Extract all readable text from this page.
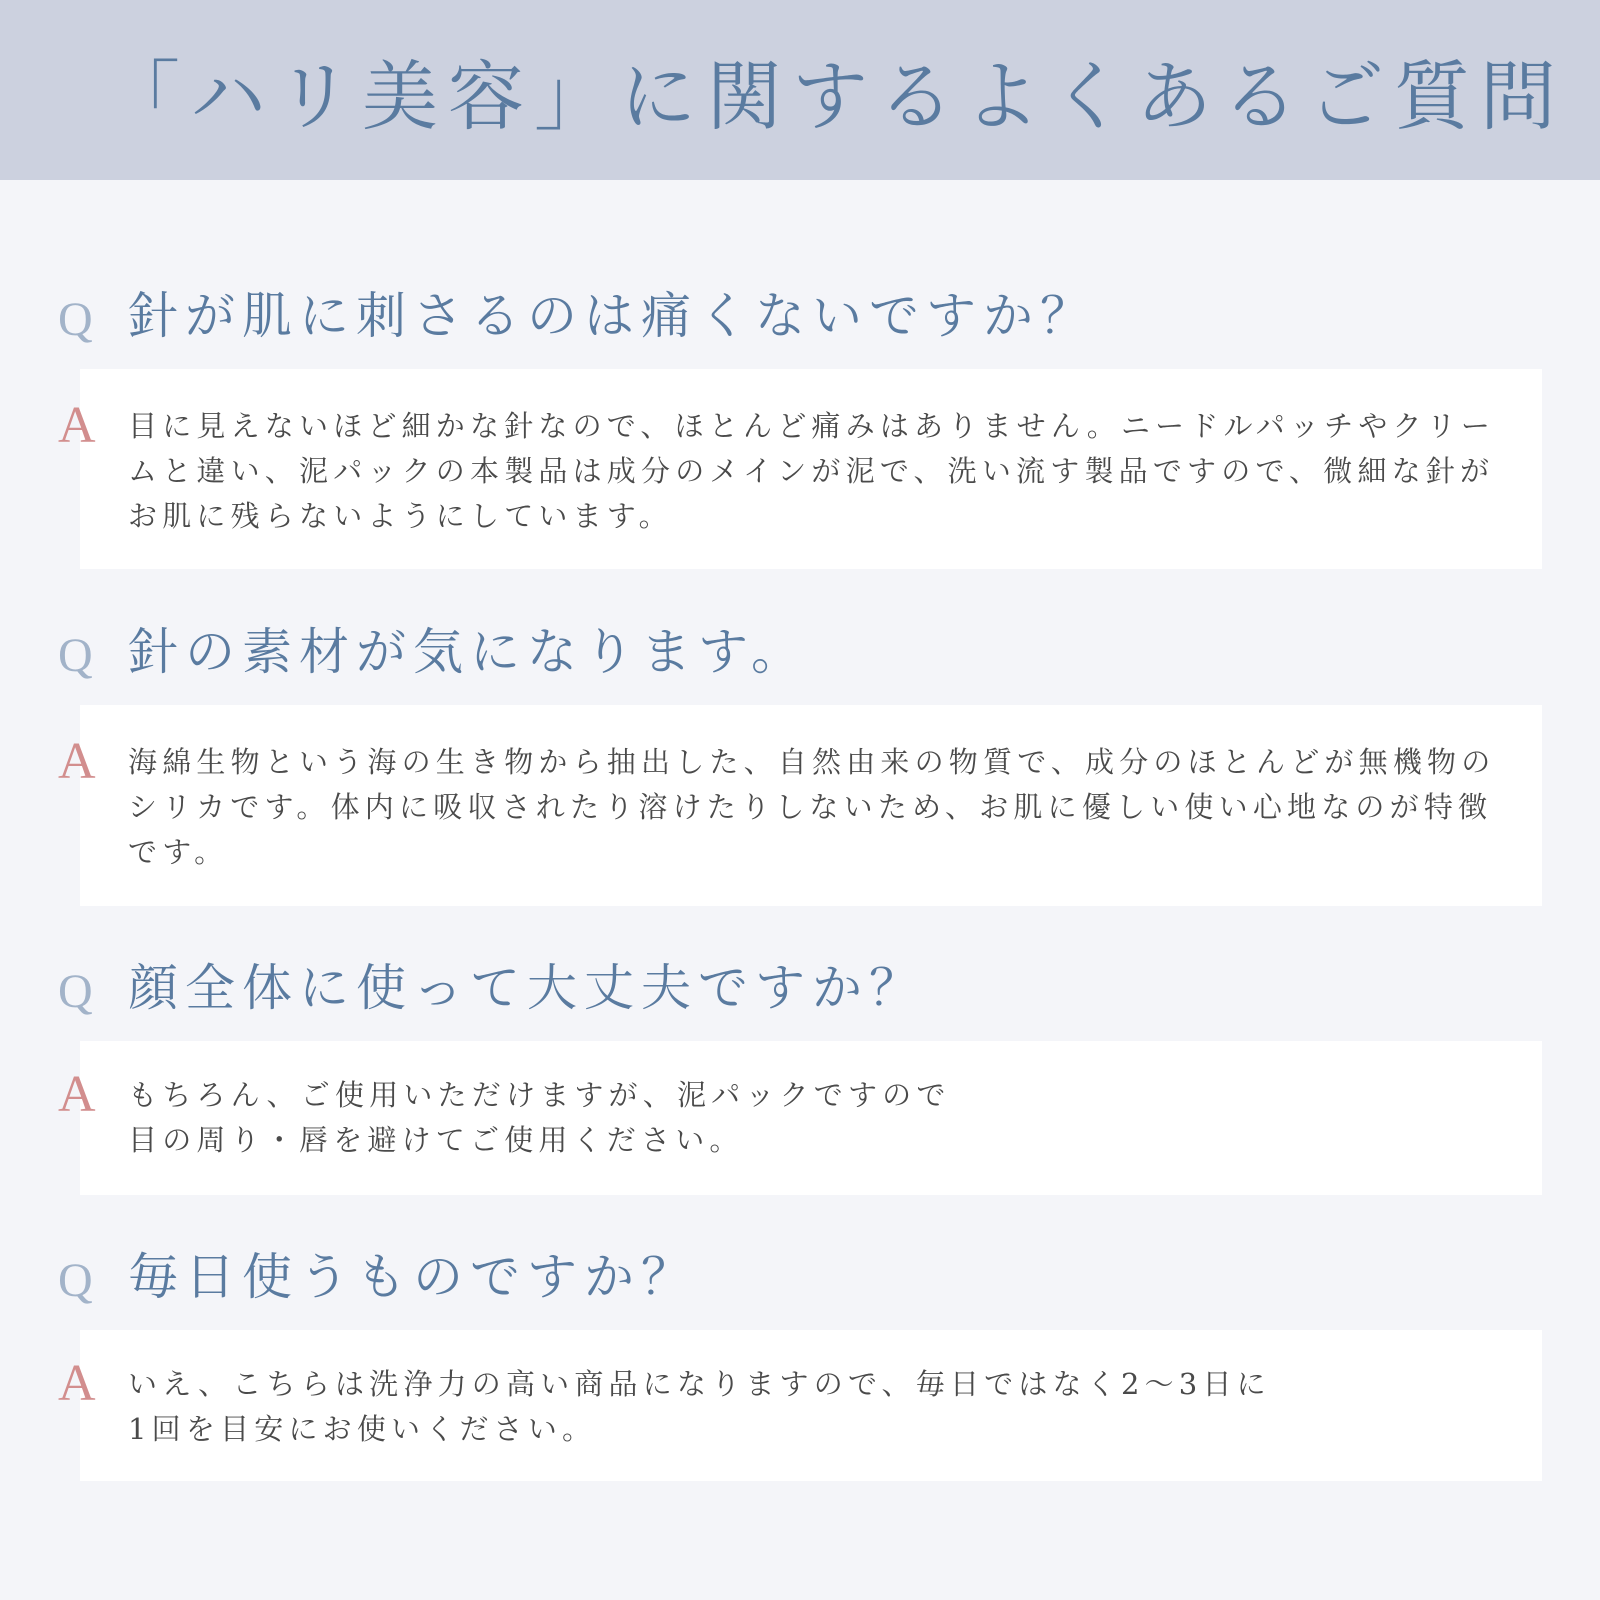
「ハリ美容」に関するよくあるご質問
Q 針が肌に刺さるのは痛くないですか？
A 目に見えないほど細かな針なので、ほとんど痛みはありません。ニードルパッチやクリー
ムと違い、泥パックの本製品は成分のメインが泥で、洗い流す製品ですので、微細な針が
お肌に残らないようにしています。
Q 針の素材が気になります。
A 海綿生物という海の生き物から抽出した、自然由来の物質で、成分のほとんどが無機物の
シリカです。体内に吸収されたり溶けたりしないため、お肌に優しい使い心地なのが特徴
です。
Q 顔全体に使って大丈夫ですか？
A もちろん、ご使用いただけますが、泥パックですので
目の周り・唇を避けてご使用ください。
Q 毎日使うものですか？
A いえ、こちらは洗浄力の高い商品になりますので、毎日ではなく2〜3日に
1回を目安にお使いください。
